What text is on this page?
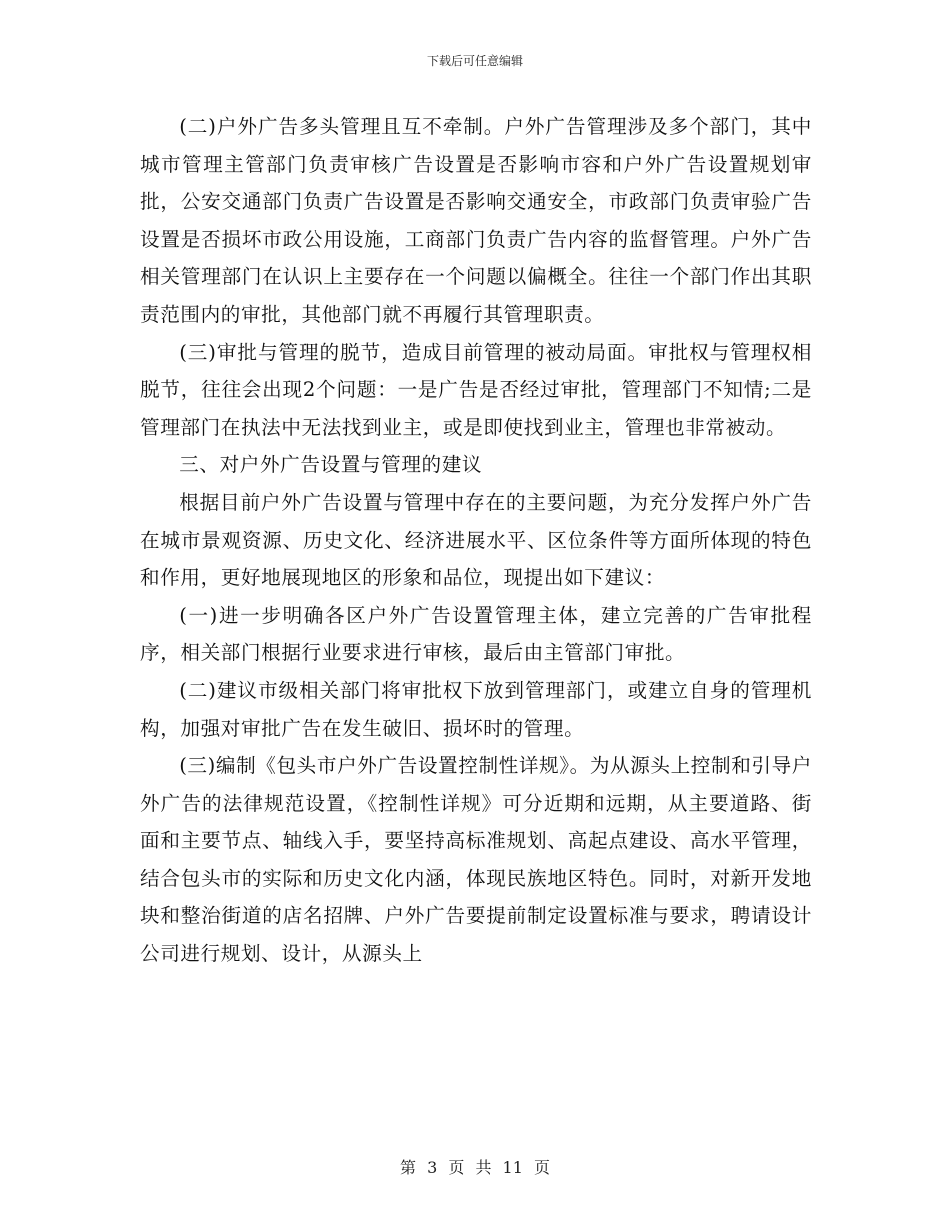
下载后可任意编辑

(二)户外广告多头管理且互不牵制。户外广告管理涉及多个部门，其中城市管理主管部门负责审核广告设置是否影响市容和户外广告设置规划审批，公安交通部门负责广告设置是否影响交通安全，市政部门负责审验广告设置是否损坏市政公用设施，工商部门负责广告内容的监督管理。户外广告相关管理部门在认识上主要存在一个问题以偏概全。往往一个部门作出其职责范围内的审批，其他部门就不再履行其管理职责。

(三)审批与管理的脱节，造成目前管理的被动局面。审批权与管理权相脱节，往往会出现2个问题：一是广告是否经过审批，管理部门不知情;二是管理部门在执法中无法找到业主，或是即使找到业主，管理也非常被动。

三、对户外广告设置与管理的建议

根据目前户外广告设置与管理中存在的主要问题，为充分发挥户外广告在城市景观资源、历史文化、经济进展水平、区位条件等方面所体现的特色和作用，更好地展现地区的形象和品位，现提出如下建议：

(一)进一步明确各区户外广告设置管理主体，建立完善的广告审批程序，相关部门根据行业要求进行审核，最后由主管部门审批。

(二)建议市级相关部门将审批权下放到管理部门，或建立自身的管理机构，加强对审批广告在发生破旧、损坏时的管理。

(三)编制《包头市户外广告设置控制性详规》。为从源头上控制和引导户外广告的法律规范设置，《控制性详规》可分近期和远期，从主要道路、街面和主要节点、轴线入手，要坚持高标准规划、高起点建设、高水平管理，结合包头市的实际和历史文化内涵，体现民族地区特色。同时，对新开发地块和整治街道的店名招牌、户外广告要提前制定设置标准与要求，聘请设计公司进行规划、设计，从源头上

第 3 页 共 11 页
